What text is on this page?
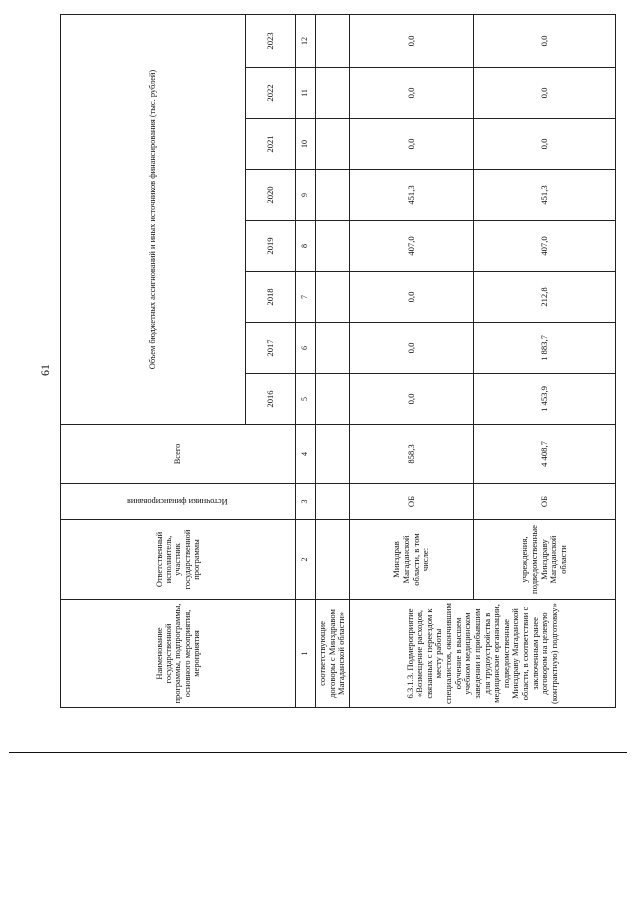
61
Наименование государственной программы, подпрограммы, основного мероприятия, мероприятия	Ответственный исполнитель, участник государственной программы	Источники финансирования	Всего	Объем бюджетных ассигнований и иных источников финансирования (тыс. рублей)							
				2016	2017	2018	2019	2020	2021	2022	2023
1	2	3	4	5	6	7	8	9	10	11	12
соответствующие договоры с Минздравом Магаданской области»											
6.3.1.3. Подмероприятие «Возмещение расходов, связанных с переездом к месту работы специалистов, окончившим обучение в высшем учебном медицинском заведении и прибывшим для трудоустройства в медицинские организации, подведомственные Минздраву Магаданской области, в соответствии с заключенным ранее договором на целевую (контрактную) подготовку»	Минздрав Магаданской области, в том числе:	ОБ	858,3	0,0	0,0	0,0	407,0	451,3	0,0	0,0	0,0
	учреждения, подведомственные Минздраву Магаданской области	ОБ	4 408,7	1 453,9	1 883,7	212,8	407,0	451,3	0,0	0,0	0,0
